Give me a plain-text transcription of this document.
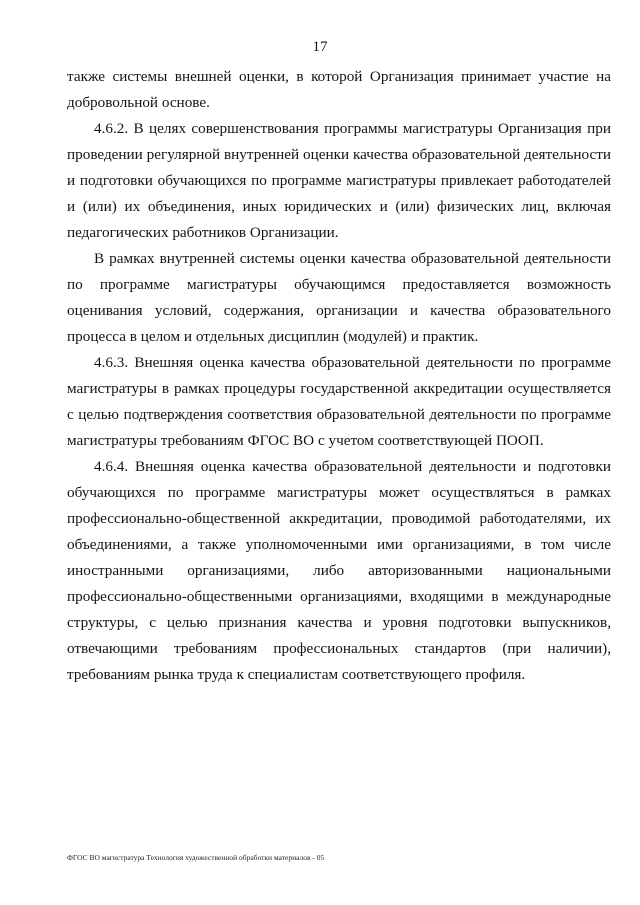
17

также системы внешней оценки, в которой Организация принимает участие на добровольной основе.

4.6.2. В целях совершенствования программы магистратуры Организация при проведении регулярной внутренней оценки качества образовательной деятельности и подготовки обучающихся по программе магистратуры привлекает работодателей и (или) их объединения, иных юридических и (или) физических лиц, включая педагогических работников Организации.

В рамках внутренней системы оценки качества образовательной деятельности по программе магистратуры обучающимся предоставляется возможность оценивания условий, содержания, организации и качества образовательного процесса в целом и отдельных дисциплин (модулей) и практик.

4.6.3. Внешняя оценка качества образовательной деятельности по программе магистратуры в рамках процедуры государственной аккредитации осуществляется с целью подтверждения соответствия образовательной деятельности по программе магистратуры требованиям ФГОС ВО с учетом соответствующей ПООП.

4.6.4. Внешняя оценка качества образовательной деятельности и подготовки обучающихся по программе магистратуры может осуществляться в рамках профессионально-общественной аккредитации, проводимой работодателями, их объединениями, а также уполномоченными ими организациями, в том числе иностранными организациями, либо авторизованными национальными профессионально-общественными организациями, входящими в международные структуры, с целью признания качества и уровня подготовки выпускников, отвечающими требованиям профессиональных стандартов (при наличии), требованиям рынка труда к специалистам соответствующего профиля.

ФГОС ВО магистратура Технология художественной обработки материалов - 05
